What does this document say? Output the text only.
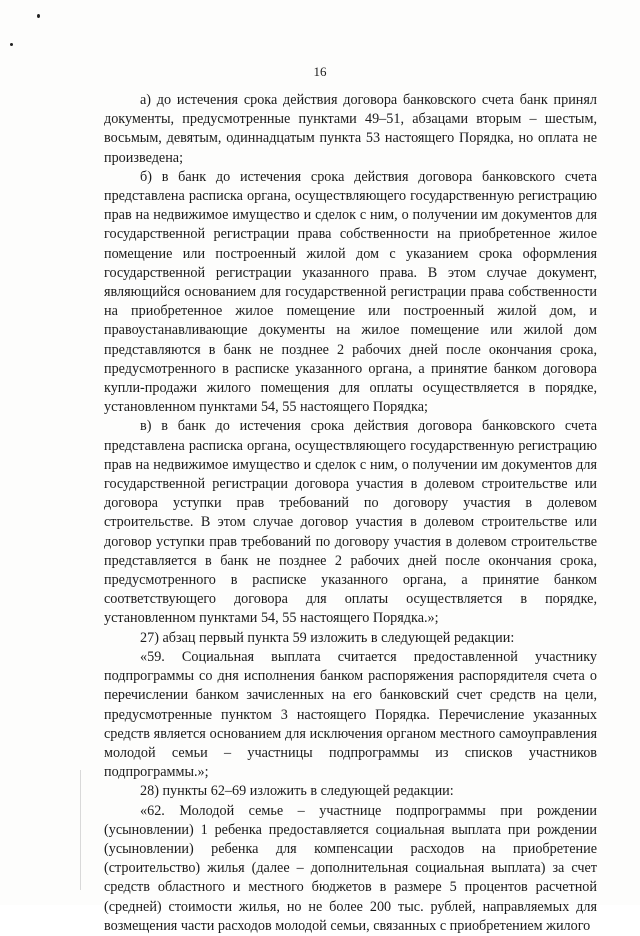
16

а) до истечения срока действия договора банковского счета банк принял документы, предусмотренные пунктами 49–51, абзацами вторым – шестым, восьмым, девятым, одиннадцатым пункта 53 настоящего Порядка, но оплата не произведена;

б) в банк до истечения срока действия договора банковского счета представлена расписка органа, осуществляющего государственную регистрацию прав на недвижимое имущество и сделок с ним, о получении им документов для государственной регистрации права собственности на приобретенное жилое помещение или построенный жилой дом с указанием срока оформления государственной регистрации указанного права. В этом случае документ, являющийся основанием для государственной регистрации права собственности на приобретенное жилое помещение или построенный жилой дом, и правоустанавливающие документы на жилое помещение или жилой дом представляются в банк не позднее 2 рабочих дней после окончания срока, предусмотренного в расписке указанного органа, а принятие банком договора купли-продажи жилого помещения для оплаты осуществляется в порядке, установленном пунктами 54, 55 настоящего Порядка;

в) в банк до истечения срока действия договора банковского счета представлена расписка органа, осуществляющего государственную регистрацию прав на недвижимое имущество и сделок с ним, о получении им документов для государственной регистрации договора участия в долевом строительстве или договора уступки прав требований по договору участия в долевом строительстве. В этом случае договор участия в долевом строительстве или договор уступки прав требований по договору участия в долевом строительстве представляется в банк не позднее 2 рабочих дней после окончания срока, предусмотренного в расписке указанного органа, а принятие банком соответствующего договора для оплаты осуществляется в порядке, установленном пунктами 54, 55 настоящего Порядка.»;

27) абзац первый пункта 59 изложить в следующей редакции:

«59. Социальная выплата считается предоставленной участнику подпрограммы со дня исполнения банком распоряжения распорядителя счета о перечислении банком зачисленных на его банковский счет средств на цели, предусмотренные пунктом 3 настоящего Порядка. Перечисление указанных средств является основанием для исключения органом местного самоуправления молодой семьи – участницы подпрограммы из списков участников подпрограммы.»;

28) пункты 62–69 изложить в следующей редакции:

«62. Молодой семье – участнице подпрограммы при рождении (усыновлении) 1 ребенка предоставляется социальная выплата при рождении (усыновлении) ребенка для компенсации расходов на приобретение (строительство) жилья (далее – дополнительная социальная выплата) за счет средств областного и местного бюджетов в размере 5 процентов расчетной (средней) стоимости жилья, но не более 200 тыс. рублей, направляемых для возмещения части расходов молодой семьи, связанных с приобретением жилого
